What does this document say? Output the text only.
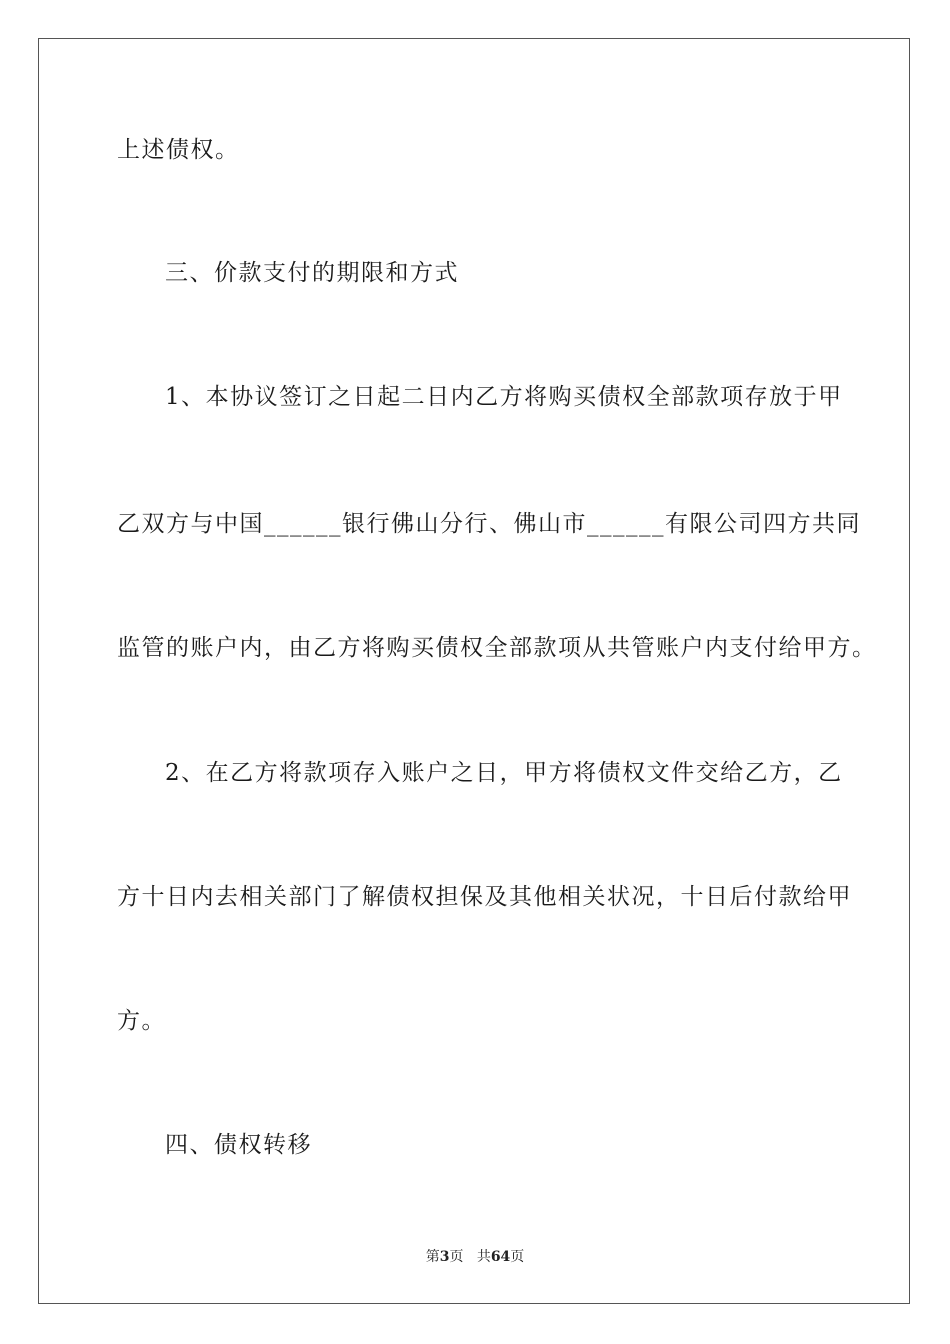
上述债权。
三、价款支付的期限和方式
1、本协议签订之日起二日内乙方将购买债权全部款项存放于甲
乙双方与中国______银行佛山分行、佛山市______有限公司四方共同
监管的账户内，由乙方将购买债权全部款项从共管账户内支付给甲方。
2、在乙方将款项存入账户之日，甲方将债权文件交给乙方，乙
方十日内去相关部门了解债权担保及其他相关状况，十日后付款给甲
方。
四、债权转移
第3页 共64页
